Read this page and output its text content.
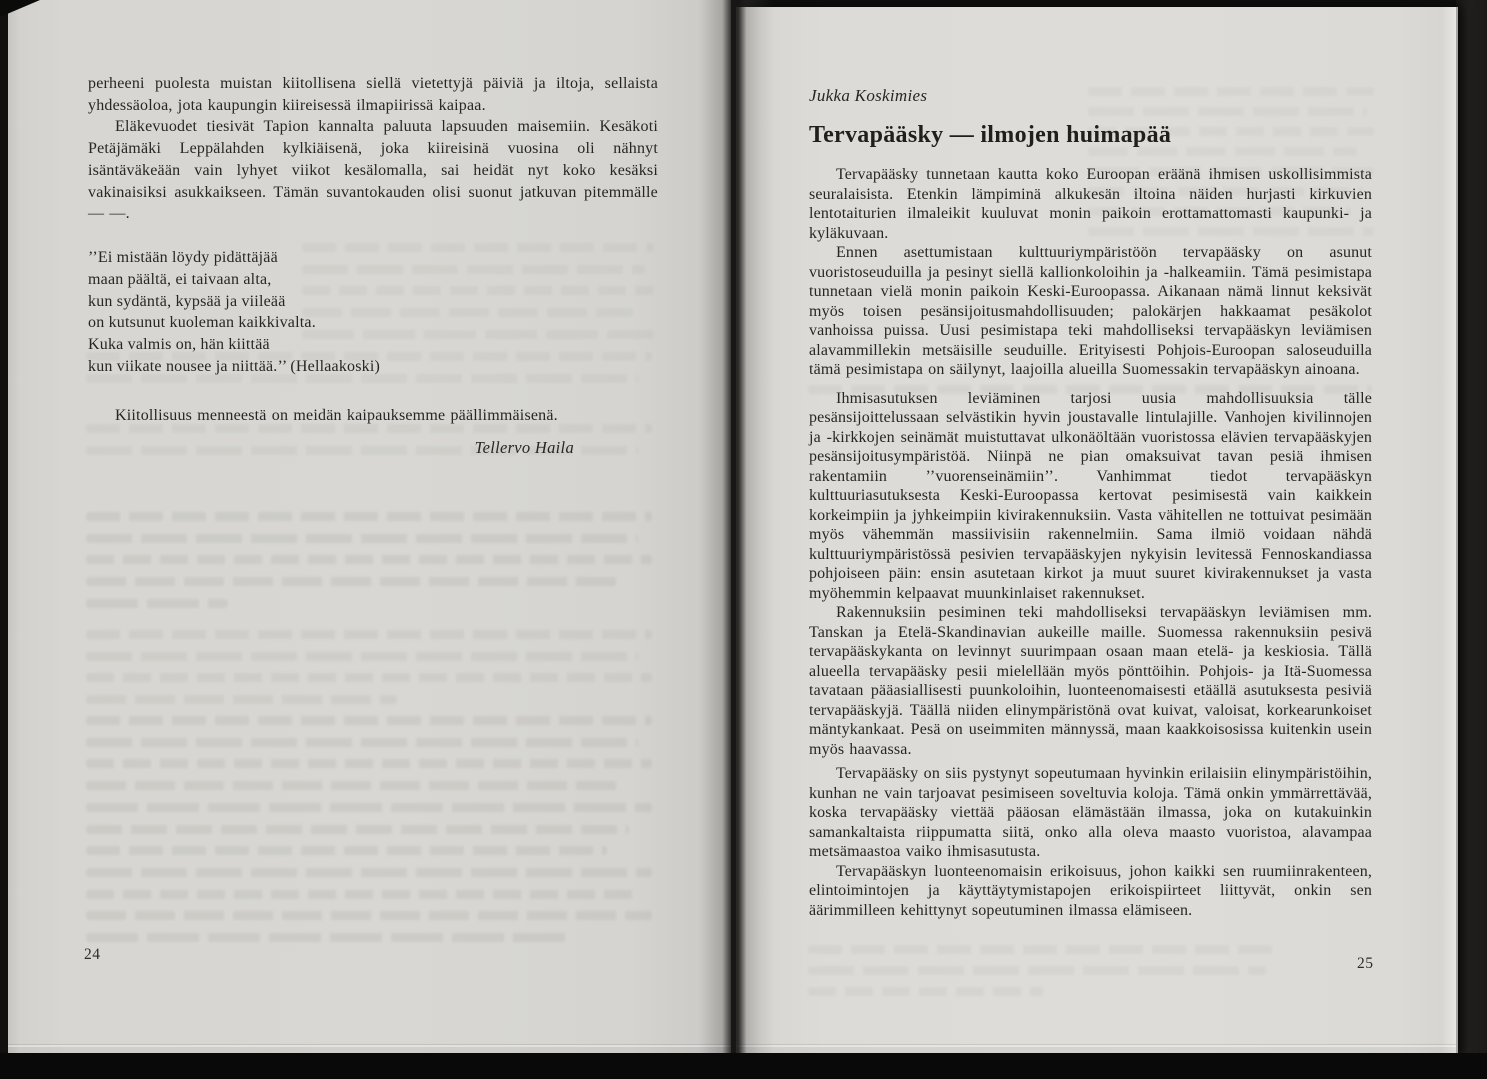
perheeni puolesta muistan kiitollisena siellä vietettyjä päiviä ja iltoja, sellaista yhdessäoloa, jota kaupungin kiireisessä ilmapiirissä kaipaa.

Eläkevuodet tiesivät Tapion kannalta paluuta lapsuuden maisemiin. Kesäkoti Petäjämäki Leppälahden kylkiäisenä, joka kiireisinä vuosina oli nähnyt isäntäväkeään vain lyhyet viikot kesälomalla, sai heidät nyt koko kesäksi vakinaisiksi asukkaikseen. Tämän suvantokauden olisi suonut jatkuvan pitemmälle — —.

’’Ei mistään löydy pidättäjää
maan päältä, ei taivaan alta,
kun sydäntä, kypsää ja viileää
on kutsunut kuoleman kaikkivalta.
Kuka valmis on, hän kiittää
kun viikate nousee ja niittää.’’ (Hellaakoski)

Kiitollisuus menneestä on meidän kaipauksemme päällimmäisenä.

Tellervo Haila
24
Jukka Koskimies
Tervapääsky — ilmojen huimapää

Tervapääsky tunnetaan kautta koko Euroopan eräänä ihmisen uskollisimmista seuralaisista. Etenkin lämpiminä alkukesän iltoina näiden hurjasti kirkuvien lentotaiturien ilmaleikit kuuluvat monin paikoin erottamattomasti kaupunki- ja kyläkuvaan.

Ennen asettumistaan kulttuuriympäristöön tervapääsky on asunut vuoristoseuduilla ja pesinyt siellä kallionkoloihin ja -halkeamiin. Tämä pesimistapa tunnetaan vielä monin paikoin Keski-Euroopassa. Aikanaan nämä linnut keksivät myös toisen pesänsijoitusmahdollisuuden; palokärjen hakkaamat pesäkolot vanhoissa puissa. Uusi pesimistapa teki mahdolliseksi tervapääskyn leviämisen alavammillekin metsäisille seuduille. Erityisesti Pohjois-Euroopan saloseuduilla tämä pesimistapa on säilynyt, laajoilla alueilla Suomessakin tervapääskyn ainoana.

Ihmisasutuksen leviäminen tarjosi uusia mahdollisuuksia tälle pesänsijoittelussaan selvästikin hyvin joustavalle lintulajille. Vanhojen kivilinnojen ja -kirkkojen seinämät muistuttavat ulkonäöltään vuoristossa elävien tervapääskyjen pesänsijoitusympäristöä. Niinpä ne pian omaksuivat tavan pesiä ihmisen rakentamiin ’’vuorenseinämiin’’. Vanhimmat tiedot tervapääskyn kulttuuriasutuksesta Keski-Euroopassa kertovat pesimisestä vain kaikkein korkeimpiin ja jyhkeimpiin kivirakennuksiin. Vasta vähitellen ne tottuivat pesimään myös vähemmän massiivisiin rakennelmiin. Sama ilmiö voidaan nähdä kulttuuriympäristössä pesivien tervapääskyjen nykyisin levitessä Fennoskandiassa pohjoiseen päin: ensin asutetaan kirkot ja muut suuret kivirakennukset ja vasta myöhemmin kelpaavat muunkinlaiset rakennukset.

Rakennuksiin pesiminen teki mahdolliseksi tervapääskyn leviämisen mm. Tanskan ja Etelä-Skandinavian aukeille maille. Suomessa rakennuksiin pesivä tervapääskykanta on levinnyt suurimpaan osaan maan etelä- ja keskiosia. Tällä alueella tervapääsky pesii mielellään myös pönttöihin. Pohjois- ja Itä-Suomessa tavataan pääasiallisesti puunkoloihin, luonteenomaisesti etäällä asutuksesta pesiviä tervapääskyjä. Täällä niiden elinympäristönä ovat kuivat, valoisat, korkearunkoiset mäntykankaat. Pesä on useimmiten männyssä, maan kaakkoisosissa kuitenkin usein myös haavassa.

Tervapääsky on siis pystynyt sopeutumaan hyvinkin erilaisiin elinympäristöihin, kunhan ne vain tarjoavat pesimiseen soveltuvia koloja. Tämä onkin ymmärrettävää, koska tervapääsky viettää pääosan elämästään ilmassa, joka on kutakuinkin samankaltaista riippumatta siitä, onko alla oleva maasto vuoristoa, alavampaa metsämaastoa vaiko ihmisasutusta.

Tervapääskyn luonteenomaisin erikoisuus, johon kaikki sen ruumiinrakenteen, elintoimintojen ja käyttäytymistapojen erikoispiirteet liittyvät, onkin sen äärimmilleen kehittynyt sopeutuminen ilmassa elämiseen.

25
